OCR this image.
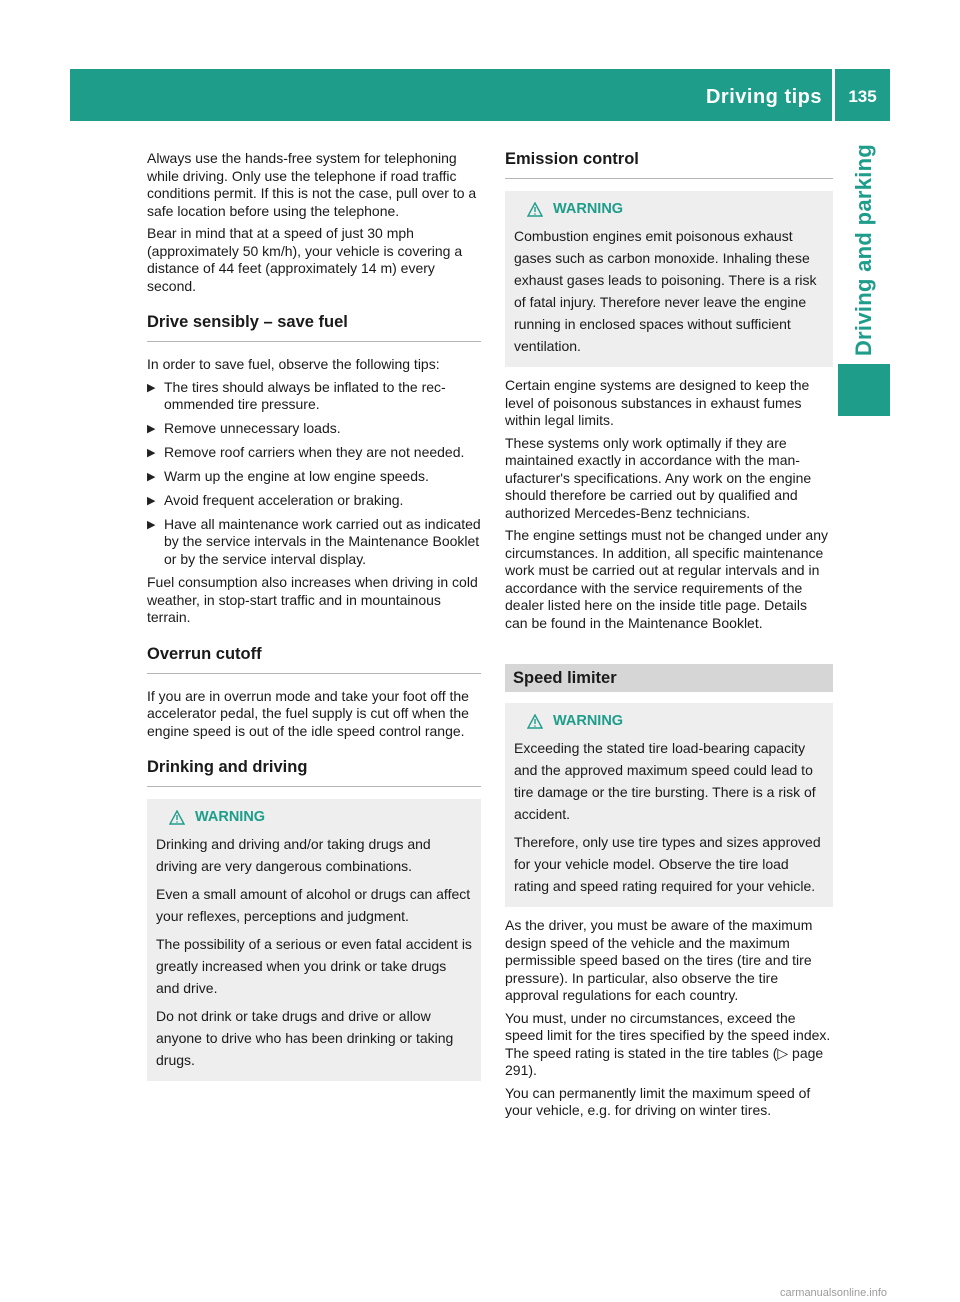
Driving tips	135
Driving and parking

Always use the hands-free system for telephoning while driving. Only use the telephone if road traffic conditions permit. If this is not the case, pull over to a safe location before using the telephone.

Bear in mind that at a speed of just 30 mph (approximately 50 km/h), your vehicle is covering a distance of 44 feet (approximately 14 m) every second.

Drive sensibly – save fuel

In order to save fuel, observe the following tips:

▶ The tires should always be inflated to the recommended tire pressure.
▶ Remove unnecessary loads.
▶ Remove roof carriers when they are not needed.
▶ Warm up the engine at low engine speeds.
▶ Avoid frequent acceleration or braking.
▶ Have all maintenance work carried out as indicated by the service intervals in the Maintenance Booklet or by the service interval display.

Fuel consumption also increases when driving in cold weather, in stop-start traffic and in mountainous terrain.

Overrun cutoff

If you are in overrun mode and take your foot off the accelerator pedal, the fuel supply is cut off when the engine speed is out of the idle speed control range.

Drinking and driving
WARNING

Drinking and driving and/or taking drugs and driving are very dangerous combinations.

Even a small amount of alcohol or drugs can affect your reflexes, perceptions and judgment.

The possibility of a serious or even fatal accident is greatly increased when you drink or take drugs and drive.

Do not drink or take drugs and drive or allow anyone to drive who has been drinking or taking drugs.

Emission control
WARNING

Combustion engines emit poisonous exhaust gases such as carbon monoxide. Inhaling these exhaust gases leads to poisoning. There is a risk of fatal injury. Therefore never leave the engine running in enclosed spaces without sufficient ventilation.

Certain engine systems are designed to keep the level of poisonous substances in exhaust fumes within legal limits.

These systems only work optimally if they are maintained exactly in accordance with the manufacturer's specifications. Any work on the engine should therefore be carried out by qualified and authorized Mercedes-Benz technicians.

The engine settings must not be changed under any circumstances. In addition, all specific maintenance work must be carried out at regular intervals and in accordance with the service requirements of the dealer listed here on the inside title page. Details can be found in the Maintenance Booklet.

Speed limiter
WARNING

Exceeding the stated tire load-bearing capacity and the approved maximum speed could lead to tire damage or the tire bursting. There is a risk of accident.

Therefore, only use tire types and sizes approved for your vehicle model. Observe the tire load rating and speed rating required for your vehicle.

As the driver, you must be aware of the maximum design speed of the vehicle and the maximum permissible speed based on the tires (tire and tire pressure). In particular, also observe the tire approval regulations for each country.

You must, under no circumstances, exceed the speed limit for the tires specified by the speed index. The speed rating is stated in the tire tables (▷ page 291).

You can permanently limit the maximum speed of your vehicle, e.g. for driving on winter tires.

carmanualsonline.info
